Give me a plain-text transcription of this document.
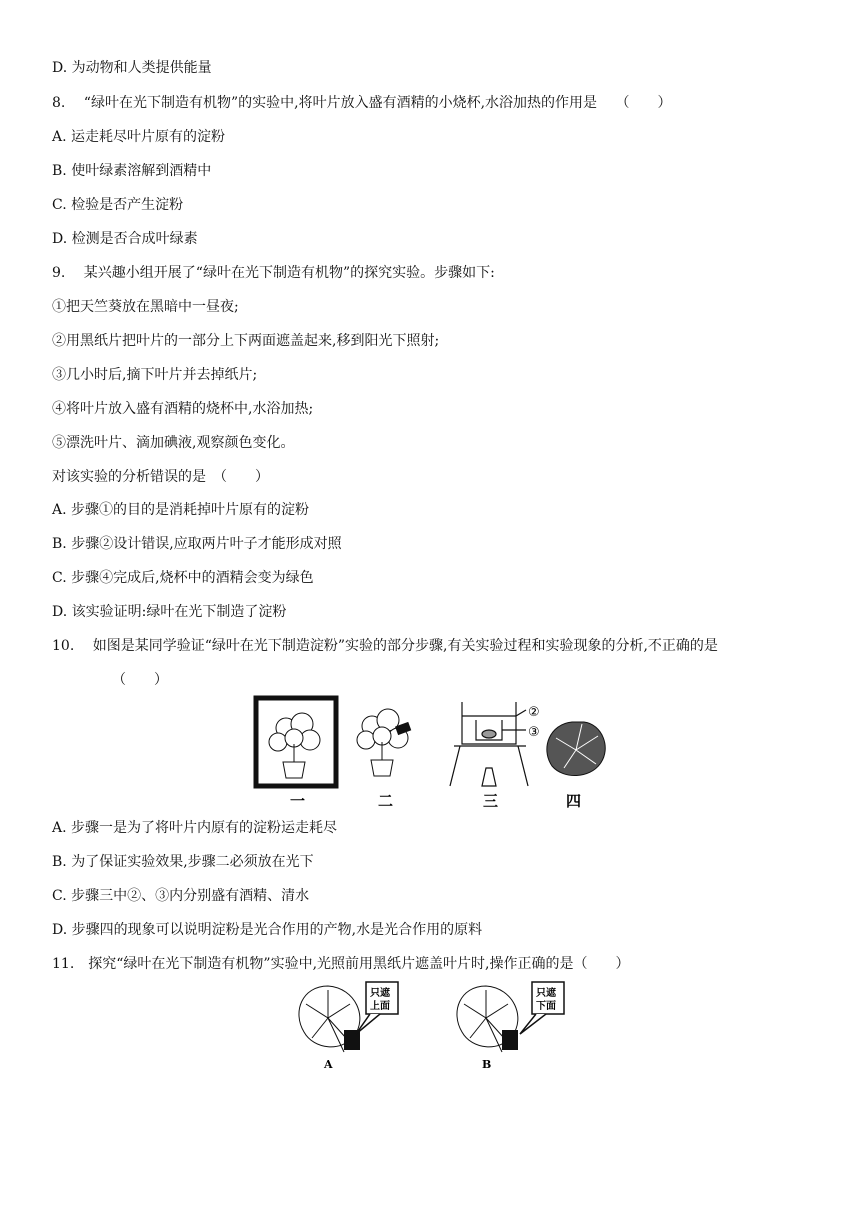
D. 为动物和人类提供能量
8.　 “绿叶在光下制造有机物”的实验中,将叶片放入盛有酒精的小烧杯,水浴加热的作用是　 （　　）
A. 运走耗尽叶片原有的淀粉
B. 使叶绿素溶解到酒精中
C. 检验是否产生淀粉
D. 检测是否合成叶绿素
9.　 某兴趣小组开展了“绿叶在光下制造有机物”的探究实验。步骤如下:
①把天竺葵放在黑暗中一昼夜;
②用黑纸片把叶片的一部分上下两面遮盖起来,移到阳光下照射;
③几小时后,摘下叶片并去掉纸片;
④将叶片放入盛有酒精的烧杯中,水浴加热;
⑤漂洗叶片、滴加碘液,观察颜色变化。
对该实验的分析错误的是　（　　）
A. 步骤①的目的是消耗掉叶片原有的淀粉
B. 步骤②设计错误,应取两片叶子才能形成对照
C. 步骤④完成后,烧杯中的酒精会变为绿色
D. 该实验证明:绿叶在光下制造了淀粉
10.　 如图是某同学验证“绿叶在光下制造淀粉”实验的部分步骤,有关实验过程和实验现象的分析,不正确的是
（　　）
②
③
一	二	三	四
A. 步骤一是为了将叶片内原有的淀粉运走耗尽
B. 为了保证实验效果,步骤二必须放在光下
C. 步骤三中②、③内分别盛有酒精、清水
D. 步骤四的现象可以说明淀粉是光合作用的产物,水是光合作用的原料
11.　探究“绿叶在光下制造有机物”实验中,光照前用黑纸片遮盖叶片时,操作正确的是（　　）
只遮
上面
A
只遮
下面
B
